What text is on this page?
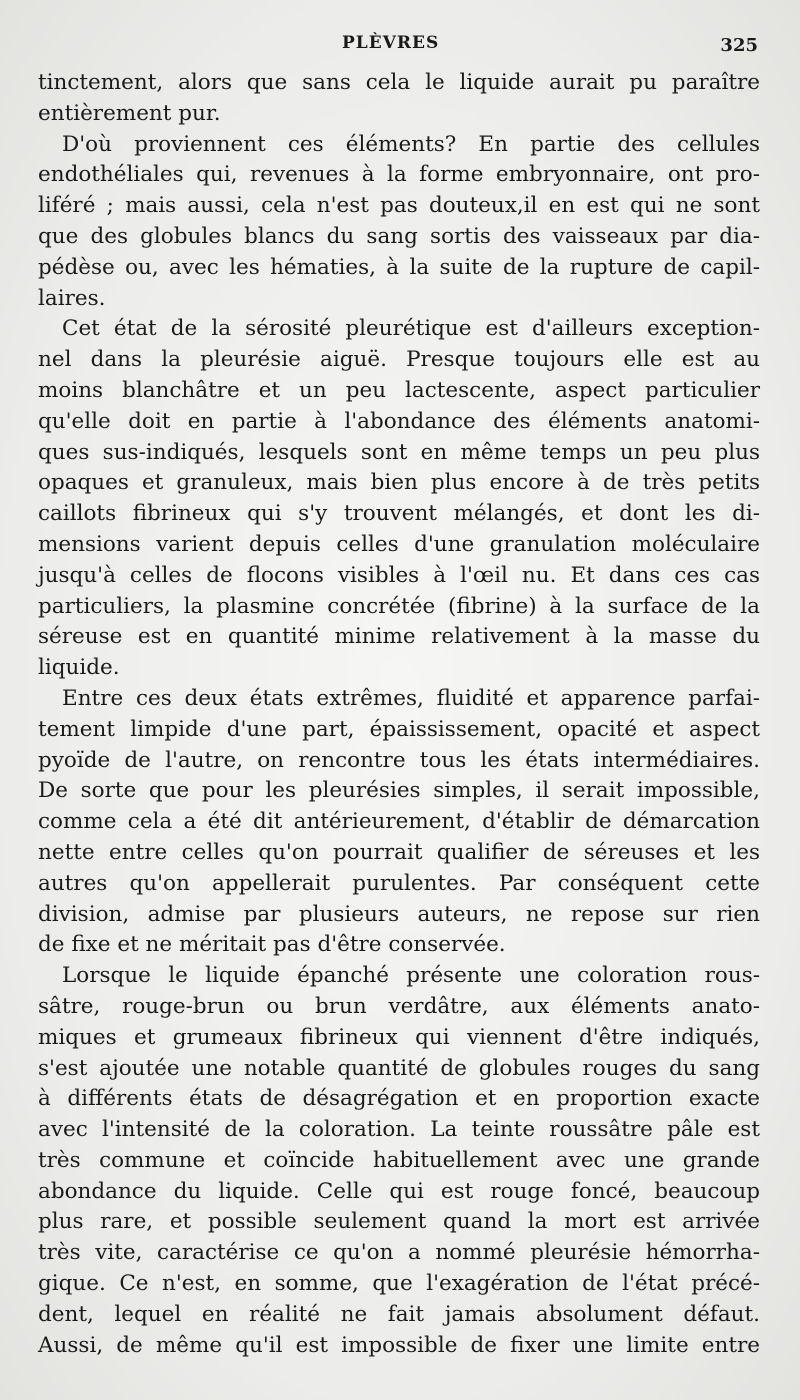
PLÈVRES	325

tinctement, alors que sans cela le liquide aurait pu paraître

entièrement pur.

D'où proviennent ces éléments? En partie des cellules

endothéliales qui, revenues à la forme embryonnaire, ont pro-

liféré ; mais aussi, cela n'est pas douteux,il en est qui ne sont

que des globules blancs du sang sortis des vaisseaux par dia-

pédèse ou, avec les hématies, à la suite de la rupture de capil-

laires.

Cet état de la sérosité pleurétique est d'ailleurs exception-

nel dans la pleurésie aiguë. Presque toujours elle est au

moins blanchâtre et un peu lactescente, aspect particulier

qu'elle doit en partie à l'abondance des éléments anatomi-

ques sus-indiqués, lesquels sont en même temps un peu plus

opaques et granuleux, mais bien plus encore à de très petits

caillots fibrineux qui s'y trouvent mélangés, et dont les di-

mensions varient depuis celles d'une granulation moléculaire

jusqu'à celles de flocons visibles à l'œil nu. Et dans ces cas

particuliers, la plasmine concrétée (fibrine) à la surface de la

séreuse est en quantité minime relativement à la masse du

liquide.

Entre ces deux états extrêmes, fluidité et apparence parfai-

tement limpide d'une part, épaississement, opacité et aspect

pyoïde de l'autre, on rencontre tous les états intermédiaires.

De sorte que pour les pleurésies simples, il serait impossible,

comme cela a été dit antérieurement, d'établir de démarcation

nette entre celles qu'on pourrait qualifier de séreuses et les

autres qu'on appellerait purulentes. Par conséquent cette

division, admise par plusieurs auteurs, ne repose sur rien

de fixe et ne méritait pas d'être conservée.

Lorsque le liquide épanché présente une coloration rous-

sâtre, rouge-brun ou brun verdâtre, aux éléments anato-

miques et grumeaux fibrineux qui viennent d'être indiqués,

s'est ajoutée une notable quantité de globules rouges du sang

à différents états de désagrégation et en proportion exacte

avec l'intensité de la coloration. La teinte roussâtre pâle est

très commune et coïncide habituellement avec une grande

abondance du liquide. Celle qui est rouge foncé, beaucoup

plus rare, et possible seulement quand la mort est arrivée

très vite, caractérise ce qu'on a nommé pleurésie hémorrha-

gique. Ce n'est, en somme, que l'exagération de l'état précé-

dent, lequel en réalité ne fait jamais absolument défaut.

Aussi, de même qu'il est impossible de fixer une limite entre
